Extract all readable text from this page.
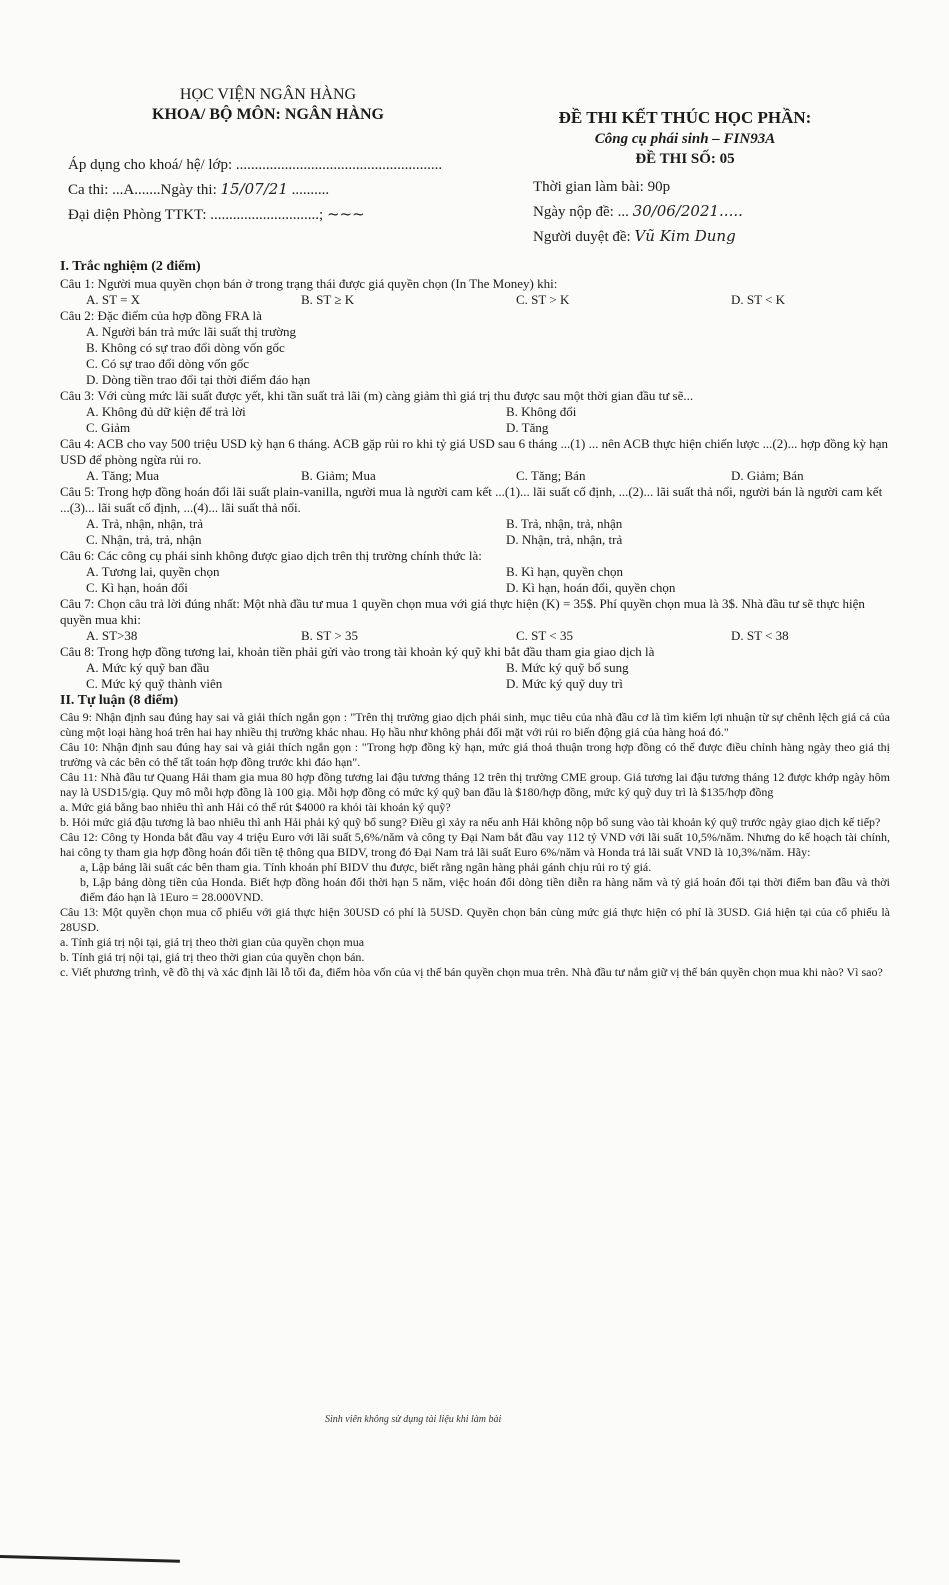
HỌC VIỆN NGÂN HÀNG
KHOA/ BỘ MÔN: NGÂN HÀNG	ĐỀ THI KẾT THÚC HỌC PHẦN:
Công cụ phái sinh – FIN93A
ĐỀ THI SỐ: 05
Áp dụng cho khoá/ hệ/ lớp: .......................................................
Ca thi: ...A.......Ngày thi: 15/07/21 ..........
Đại diện Phòng TTKT: .............................; ~~~
Thời gian làm bài: 90p
Ngày nộp đề: ... 30/06/2021.....
Người duyệt đề: Vũ Kim Dung

I. Trắc nghiệm (2 điểm)

Câu 1: Người mua quyền chọn bán ở trong trạng thái được giá quyền chọn (In The Money) khi:

A. ST = X	B. ST ≥ K	C. ST > K	D. ST < K

Câu 2: Đặc điểm của hợp đồng FRA là

A. Người bán trả mức lãi suất thị trường

B. Không có sự trao đổi dòng vốn gốc

C. Có sự trao đổi dòng vốn gốc

D. Dòng tiền trao đổi tại thời điểm đáo hạn

Câu 3: Với cùng mức lãi suất được yết, khi tần suất trả lãi (m) càng giảm thì giá trị thu được sau một thời gian đầu tư sẽ...

A. Không đủ dữ kiện để trả lời	B. Không đổi
C. Giảm	D. Tăng

Câu 4: ACB cho vay 500 triệu USD kỳ hạn 6 tháng. ACB gặp rủi ro khi tỷ giá USD sau 6 tháng ...(1) ... nên ACB thực hiện chiến lược ...(2)... hợp đồng kỳ hạn USD để phòng ngừa rủi ro.

A. Tăng; Mua	B. Giảm; Mua	C. Tăng; Bán	D. Giảm; Bán

Câu 5: Trong hợp đồng hoán đổi lãi suất plain-vanilla, người mua là người cam kết ...(1)... lãi suất cố định, ...(2)... lãi suất thả nổi, người bán là người cam kết ...(3)... lãi suất cố định, ...(4)... lãi suất thả nổi.

A. Trả, nhận, nhận, trả	B. Trả, nhận, trả, nhận
C. Nhận, trả, trả, nhận	D. Nhận, trả, nhận, trả

Câu 6: Các công cụ phái sinh không được giao dịch trên thị trường chính thức là:

A. Tương lai, quyền chọn	B. Kì hạn, quyền chọn
C. Kì hạn, hoán đổi	D. Kì hạn, hoán đổi, quyền chọn

Câu 7: Chọn câu trả lời đúng nhất: Một nhà đầu tư mua 1 quyền chọn mua với giá thực hiện (K) = 35$. Phí quyền chọn mua là 3$. Nhà đầu tư sẽ thực hiện quyền mua khi:

A. ST>38	B. ST > 35	C. ST < 35	D. ST < 38

Câu 8: Trong hợp đồng tương lai, khoản tiền phải gửi vào trong tài khoản ký quỹ khi bắt đầu tham gia giao dịch là

A. Mức ký quỹ ban đầu	B. Mức ký quỹ bổ sung
C. Mức ký quỹ thành viên	D. Mức ký quỹ duy trì

II. Tự luận (8 điểm)

Câu 9: Nhận định sau đúng hay sai và giải thích ngắn gọn : "Trên thị trường giao dịch phái sinh, mục tiêu của nhà đầu cơ là tìm kiếm lợi nhuận từ sự chênh lệch giá cả của cùng một loại hàng hoá trên hai hay nhiều thị trường khác nhau. Họ hầu như không phải đối mặt với rủi ro biến động giá của hàng hoá đó."

Câu 10: Nhận định sau đúng hay sai và giải thích ngắn gọn : "Trong hợp đồng kỳ hạn, mức giá thoả thuận trong hợp đồng có thể được điều chỉnh hàng ngày theo giá thị trường và các bên có thể tất toán hợp đồng trước khi đáo hạn".

Câu 11: Nhà đầu tư Quang Hải tham gia mua 80 hợp đồng tương lai đậu tương tháng 12 trên thị trường CME group. Giá tương lai đậu tương tháng 12 được khớp ngày hôm nay là USD15/giạ. Quy mô mỗi hợp đồng là 100 giạ. Mỗi hợp đồng có mức ký quỹ ban đầu là $180/hợp đồng, mức ký quỹ duy trì là $135/hợp đồng

a. Mức giá bằng bao nhiêu thì anh Hải có thể rút $4000 ra khỏi tài khoản ký quỹ?

b. Hỏi mức giá đậu tương là bao nhiêu thì anh Hải phải ký quỹ bổ sung? Điều gì xảy ra nếu anh Hải không nộp bổ sung vào tài khoản ký quỹ trước ngày giao dịch kế tiếp?

Câu 12: Công ty Honda bắt đầu vay 4 triệu Euro với lãi suất 5,6%/năm và công ty Đại Nam bắt đầu vay 112 tỷ VND với lãi suất 10,5%/năm. Nhưng do kế hoạch tài chính, hai công ty tham gia hợp đồng hoán đổi tiền tệ thông qua BIDV, trong đó Đại Nam trả lãi suất Euro 6%/năm và Honda trả lãi suất VND là 10,3%/năm. Hãy:

a, Lập bảng lãi suất các bên tham gia. Tính khoản phí BIDV thu được, biết rằng ngân hàng phải gánh chịu rủi ro tỷ giá.

b, Lập bảng dòng tiền của Honda. Biết hợp đồng hoán đổi thời hạn 5 năm, việc hoán đổi dòng tiền diễn ra hàng năm và tỷ giá hoán đổi tại thời điểm ban đầu và thời điểm đáo hạn là 1Euro = 28.000VND.

Câu 13: Một quyền chọn mua cổ phiếu với giá thực hiện 30USD có phí là 5USD. Quyền chọn bán cùng mức giá thực hiện có phí là 3USD. Giá hiện tại của cổ phiếu là 28USD.

a. Tính giá trị nội tại, giá trị theo thời gian của quyền chọn mua

b. Tính giá trị nội tại, giá trị theo thời gian của quyền chọn bán.

c. Viết phương trình, vẽ đồ thị và xác định lãi lỗ tối đa, điểm hòa vốn của vị thế bán quyền chọn mua trên. Nhà đầu tư nắm giữ vị thế bán quyền chọn mua khi nào? Vì sao?

Sinh viên không sử dụng tài liệu khi làm bài
